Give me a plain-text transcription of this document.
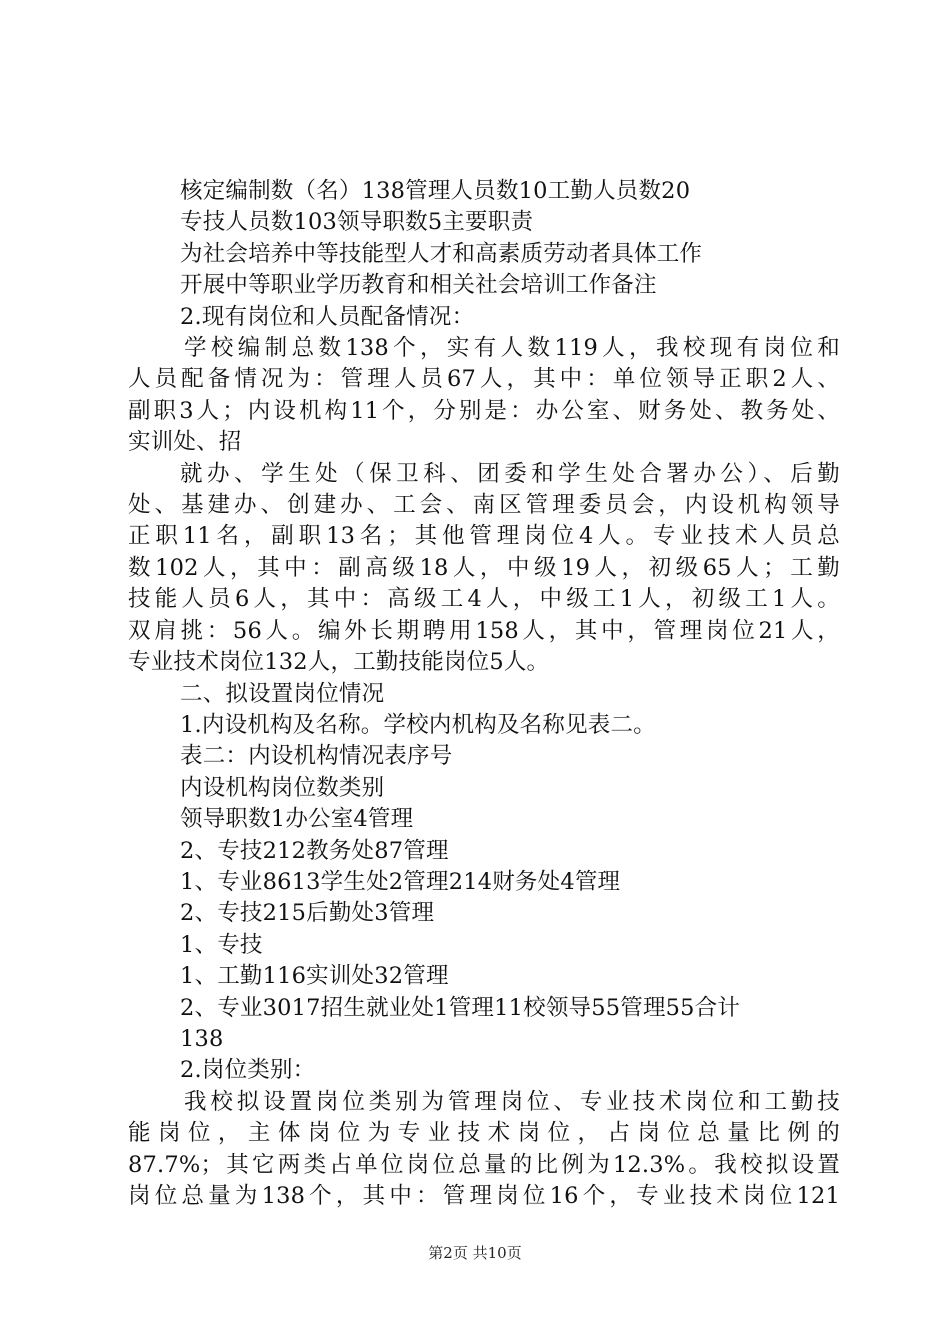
核定编制数（名）138管理人员数10工勤人员数20
专技人员数103领导职数5主要职责
为社会培养中等技能型人才和高素质劳动者具体工作
开展中等职业学历教育和相关社会培训工作备注
2.现有岗位和人员配备情况：
学校编制总数138个，实有人数119人，我校现有岗位和
人员配备情况为：管理人员67人，其中：单位领导正职2人、
副职3人；内设机构11个，分别是：办公室、财务处、教务处、
实训处、招
就办、学生处（保卫科、团委和学生处合署办公）、后勤
处、基建办、创建办、工会、南区管理委员会，内设机构领导
正职11名，副职13名；其他管理岗位4人。专业技术人员总
数102人，其中：副高级18人，中级19人，初级65人；工勤
技能人员6人，其中：高级工4人，中级工1人，初级工1人。
双肩挑：56人。编外长期聘用158人，其中，管理岗位21人，
专业技术岗位132人，工勤技能岗位5人。
二、拟设置岗位情况
1.内设机构及名称。学校内机构及名称见表二。
表二：内设机构情况表序号
内设机构岗位数类别
领导职数1办公室4管理
2、专技212教务处87管理
1、专业8613学生处2管理214财务处4管理
2、专技215后勤处3管理
1、专技
1、工勤116实训处32管理
2、专业3017招生就业处1管理11校领导55管理55合计
138
2.岗位类别：
我校拟设置岗位类别为管理岗位、专业技术岗位和工勤技
能岗位，主体岗位为专业技术岗位，占岗位总量比例的
87.7%；其它两类占单位岗位总量的比例为12.3%。我校拟设置
岗位总量为138个，其中：管理岗位16个，专业技术岗位121
第2页 共10页
